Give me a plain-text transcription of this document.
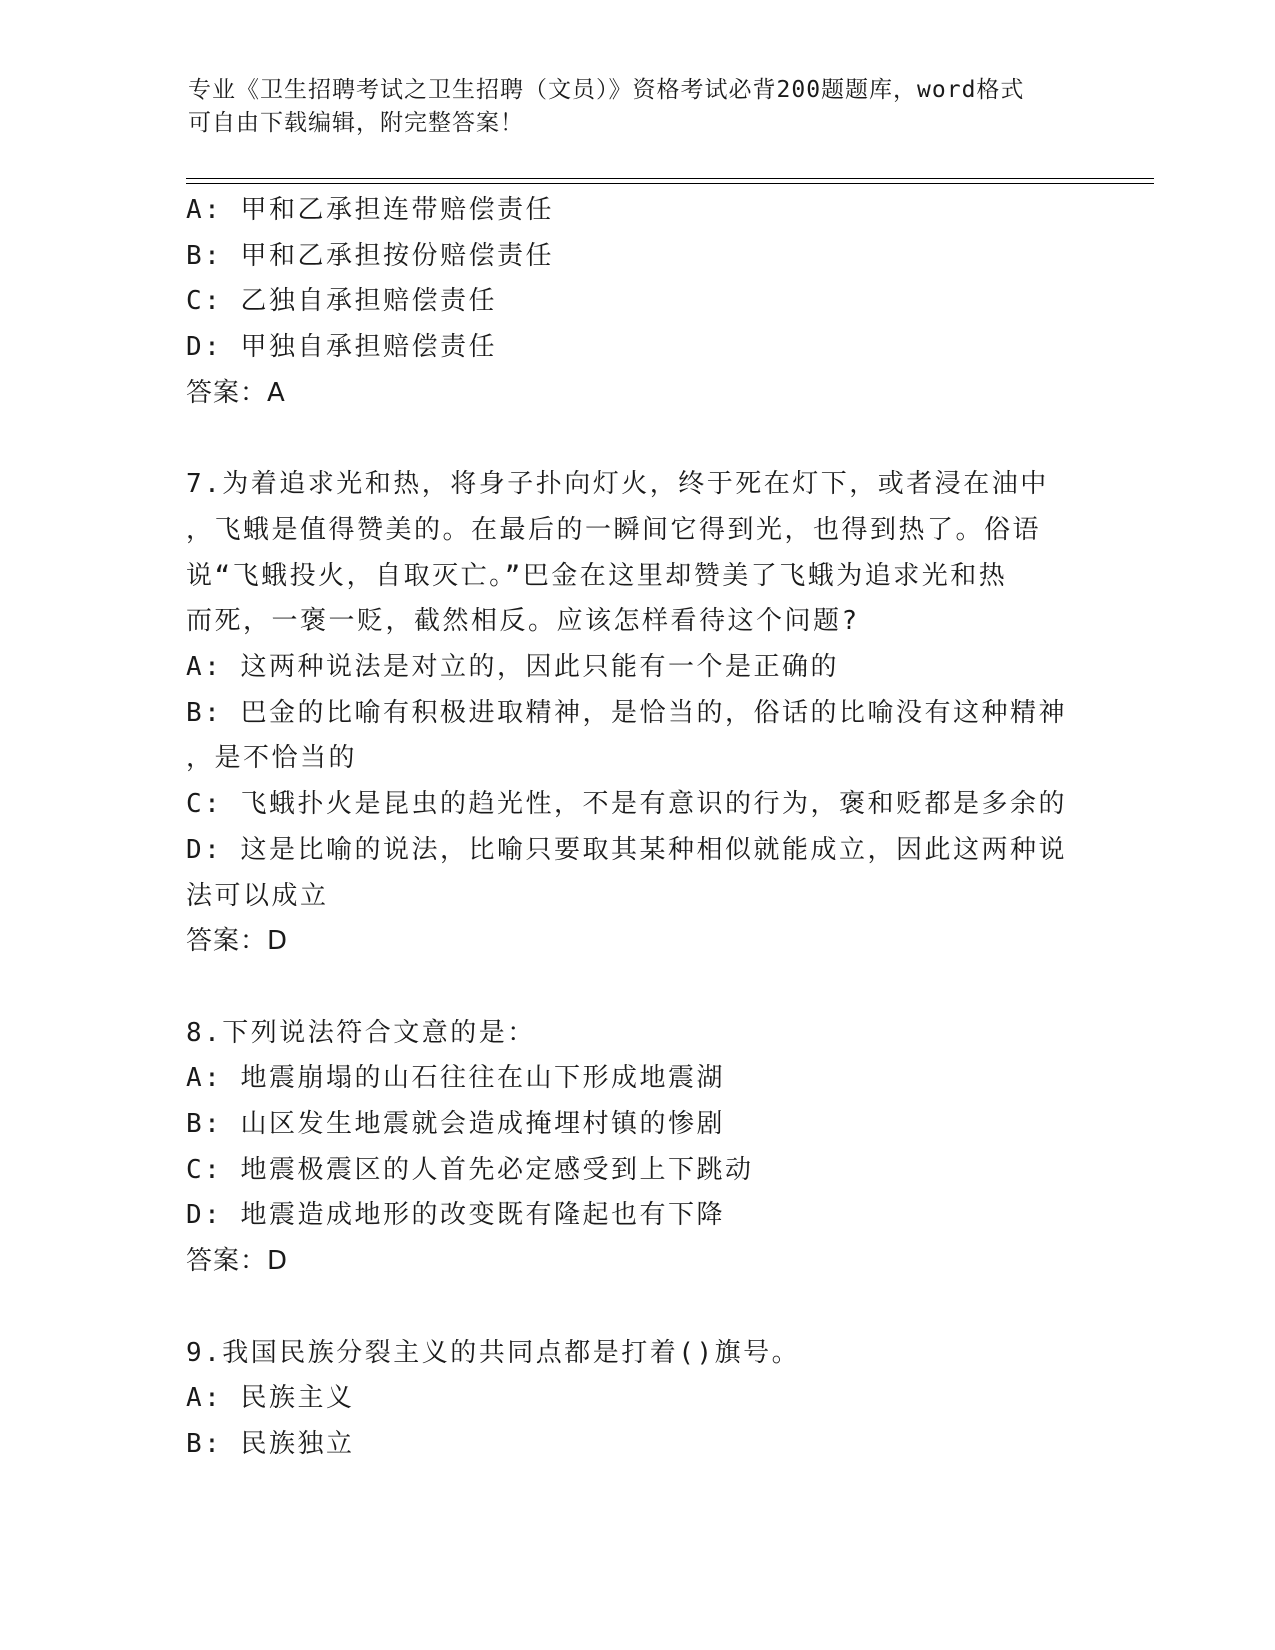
专业《卫生招聘考试之卫生招聘（文员）》资格考试必背200题题库，word格式
可自由下载编辑，附完整答案！
A: 甲和乙承担连带赔偿责任
B: 甲和乙承担按份赔偿责任
C: 乙独自承担赔偿责任
D: 甲独自承担赔偿责任
答案：A
7.为着追求光和热，将身子扑向灯火，终于死在灯下，或者浸在油中
，飞蛾是值得赞美的。在最后的一瞬间它得到光，也得到热了。俗语
说“飞蛾投火，自取灭亡。”巴金在这里却赞美了飞蛾为追求光和热
而死，一褒一贬，截然相反。应该怎样看待这个问题?
A: 这两种说法是对立的，因此只能有一个是正确的
B: 巴金的比喻有积极进取精神，是恰当的，俗话的比喻没有这种精神
，是不恰当的
C: 飞蛾扑火是昆虫的趋光性，不是有意识的行为，褒和贬都是多余的
D: 这是比喻的说法，比喻只要取其某种相似就能成立，因此这两种说
法可以成立
答案：D
8.下列说法符合文意的是：
A: 地震崩塌的山石往往在山下形成地震湖
B: 山区发生地震就会造成掩埋村镇的惨剧
C: 地震极震区的人首先必定感受到上下跳动
D: 地震造成地形的改变既有隆起也有下降
答案：D
9.我国民族分裂主义的共同点都是打着()旗号。
A: 民族主义
B: 民族独立
